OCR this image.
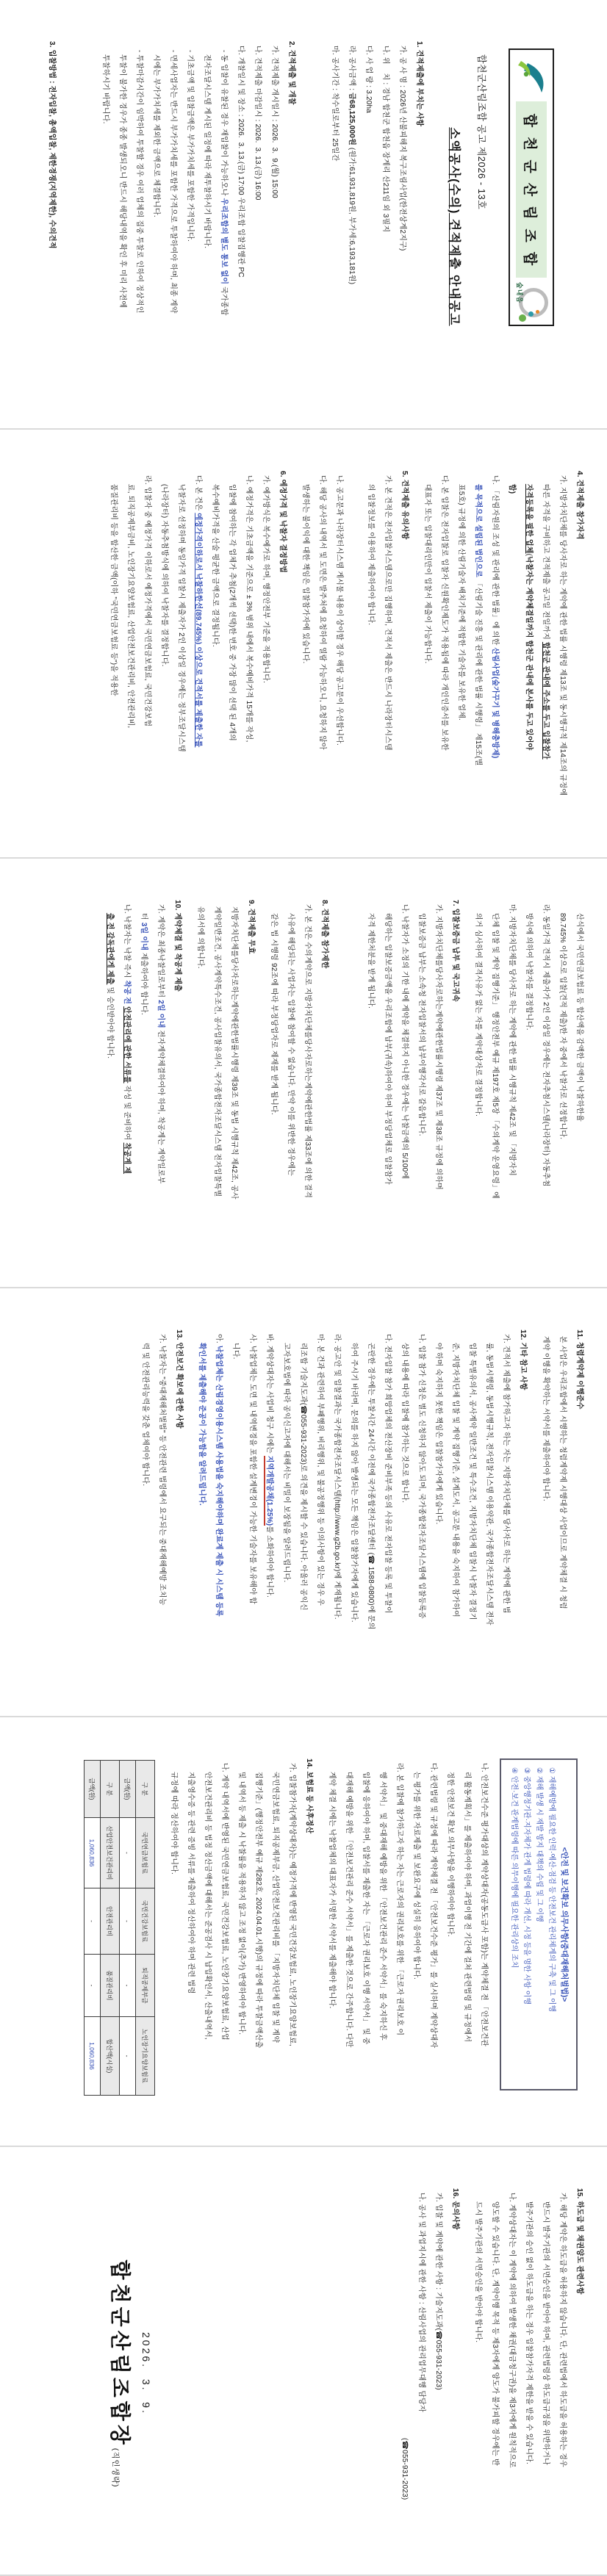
합천군산림조합
숲내음
합천군산림조합 공고 제2026 - 13호
소액공사(수의) 견적제출 안내공고
1. 견적제출에 부치는 사항
가. 공 사 명 : 2026년 산불피해지 복구조림사업(한전상계2지구)
나. 위    치 : 경남 합천군 합천읍 장계리 산211임 외 3필지
다. 사 업 량 : 3.20ha
라. 공사금액 : 금68,125,000원 (원가:61,931,819원, 부가세:6,193,181원)
마. 공사기간 : 착수일로부터 25일간
2. 견적제출 및 개찰
가. 견적제출 개시일시 : 2026.  3.  9.(월) 15:00
나. 견적제출 마감일시 : 2026.  3. 13.(금) 16:00
다. 개찰일시 및 장소 : 2026.  3. 13.(금) 17:00 우리조합 입찰집행관 PC
- 동 입찰이 유찰된 경우 재입찰이 가능하오나 우리조합의 별도 통보 없이 국가종합
전자조달시스템 게시된 일정에 따라 재투찰하시기 바랍니다.
- 기초금액 및 입찰금액은 부가가치세를 포함한 가격입니다.
- 면세사업자는 반드시 부가가치세를 포함한 가격으로 투찰하여야 하며, 최종 계약
시에는 부가가치세를 제외한 금액으로 체결합니다.
- 투찰마감시간이 임박하여 투찰할 경우 여러 업체의 집중 투찰로 인하여 정상적인
투찰이 불가한 경우가 종종 발생되오니 반드시 해당내역을 확인 후 미리 사전에
투찰하시기 바랍니다.
3. 입찰방법 : 전자입찰, 총액입찰, 제한경쟁(지역제한), 수의견적
4. 견적제출 참가자격
가. 지방자치단체를 당사자로 하는 계약에 관한 법률 시행령 제13조 및 동시행규칙 제14조의 규정에
따른 자격을 구비하고 견적제출 공고일 전일까지 합천군 관내에 주소를 두고 입찰참가
자격등록을 필한 업체(낙찰자는 계약체결일까지 합천군 관내에 본사를 두고 있어야
함)
나. 「산림자원의 조성 및 관리에 관한 법률」에 의한 산림사업(숲가꾸기 및 병해충방제)
를 목적으로 설립된 법인으로 「산림기술 진흥 및 관리에 관한 법률 시행령」 제15조(별
표5호) 규정에 의한 산림기술자 배치기준에 적합한 기술자를 보유한 업체.
다. 본 입찰은 전자입찰로 입찰자 신원확인제도가 적용됨에 따라 개인인증서를 보유한
대표자 또는 입찰대리인만이 입찰서 제출이 가능합니다.
5. 견적제출 유의사항
가. 본 견적은 전자입찰시스템으로만 집행하며, 견적서 제출은 반드시 나라장터시스템
의 입찰정보를 이용하여 제출하여야 합니다.
나. 공고문과 나라장터시스템 게시물 내용이 상이할 경우 해당 공고문이 우선합니다.
다. 해당 공사의 내역서 및 도면은 발주처에 요청하여 열람 가능하오니, 요청하지 않아
발생하는 불이익에 대한 책임은 입찰참가자에 있습니다.
6. 예정가격 및 낙찰자 결정방법
가. 예가방식은 복수예가로 하며, 행정안전부 기준을 적용합니다.
나. 예정가격은 기초금액을 기준으로 ± 3% 범위 내에서 복수예비가격 15개를 작성,
입찰에 참여하는 각 업체가 추첨(2개씩 선택)한 번호 중 가장 많이 선택 된 4개의
복수예비가격을 산술 평균한 금액으로 결정됩니다.
다. 본 건은 예정가격이하로서 낙찰하한선(89.745%) 이상으로 견적서를 제출한 자를
낙찰자로 선정하며 동일가격 입찰시 제출자가 2인 이상일 경우에는 정부조달시스템
(나라장터) 자동추첨방식에 의하여 낙찰자를 결정합니다.
라. 입찰자 중 예정가격 이하로서 예정가격에서 국민연금보험료, 국민건강보험
료, 퇴직공제부금비, 노인장기요양보험료, 산업안전보건관리비, 안전관리비,
품질관리비 등을 합산한 금액(이하 "국민연금보험료 등")을 적용한
산식에서 국민연금보험료 등 합산액을 감액한 금액이 낙찰하한율
89.745% 이상으로 입찰(견적 제출)한 자 중에서 낙찰자로 선정합니다.
라. 동일가격 견적시 제출자가 2인 이상일 경우에는 전자추첨시스템(나라장터) 자동추첨
방식에 의하여 낙찰자를 결정합니다.
마. 지방자치단체를 당사자로 하는 계약에 관한 법률 시행규칙 제42조 및 「지방자치
단체 입찰 및 계약 집행기준」 행정안전부 예규 제197호 제5장 「수의계약 운영요령」에
의거 심사하여 결격사유가 없는 자를 계약대상자로 결정합니다.
7. 입찰보증금 납부 및 국고귀속
가. 지방자치단체를당사자로하는계약에관한법률시행령 제37조 및 제38조 규정에 의하며
입찰보증금 납부는 소속청 전자입찰서의 납부이행각서로 갈음합니다.
나. 낙찰자가 소정의 기한 내에 계약을 체결하지 아니한 경우에는 낙찰금액의 5/100에
해당하는 입찰보증금액을 우리조합에 납부(귀속)하여야 하며 부정당업체로 입찰참가
자격 제한처분을 받게 됩니다.
8. 견적제출 참가제한
가. 본 건은 수의계약으로 지방자치단체를당사자로하는계약에관한법률 제33조에 의한 결격
사유에 해당되는 사업자는 입찰에 참여할 수 없습니다. 만약 이를 위반한 경우에는
같은 법 시행령 92조에 따라 부정당업자로 제재를 받게 됩니다.
9. 견적제출 무효
지방자치단체를당사자로하는계약에관한법률시행령 제39조 및 동법 시행규칙 제42조, 공사
계약일반조건, 공사계약특수조건, 공사입찰유의서, 국가종합전자조달시스템 전자입찰특별
유의서에 의합니다.
10. 계약체결 및 착공계 제출
가. 계약은 최종낙찰일로부터 2일 이내 전자계약체결하여야 하며, 착공계는 계약일로부
터 3일 이내 제출하여야 합니다.
나. 낙찰자는 낙찰 즉시 착공 전 안전관리에 관한 서류를 작성 및 준비하여 착공계 제
출 전 감독관에게 제출 및 승인받아야 합니다.
11. 청렴계약제 이행준수
본 사업은 우리조합에서 시행하는 청렴계약제 시행대상 사업이므로 계약체결 시 청렴
계약 이행을 확약하는 서약서를 제출하여야 합니다.
12. 기타 참고 사항
가. 견적서 제출에 참가하고자 하는 자는 지방자치단체를 당사자로 하는 계약에 관한 법
률, 동법시행령, 동법시행규칙, 전자입찰시스템 이용약관, 국가종합전자조달시스템 전자
입찰 특별유의서, 공사계약 일반조건 및 특수조건, 지방자치단체 입찰시 낙찰자 결정기
준, 지방자치단체 입찰 및 계약 집행기준, 설계도서, 공고문 내용을 숙지하여 참가하여
야 하며 숙지하지 못한 책임은 입찰참가자에게 있습니다.
나. 입찰 참가 신청은 별도 신청하지 않아도 되며, 국가종합전자조달시스템에 입찰등록증
상의 내용에 따라 입찰에 참가하는 것으로 합니다.
다. 전자입찰 참가 희망업체의 전산장비 준비부족 등의 사유로 전자입찰 등록 및 투찰이
곤란한 경우에는 투찰시간 24시간 이전에 국가종합전자조달센터 (☎ 1588-0800)에 문의
하여 주시기 바라며, 문의를 하지 않아 발생되는 모든 책임은 입찰참가자에게 있습니다.
라. 공고안 및 입찰결과는 국가종합전자조달시스템(http://www.g2b.go.kr)에 게재됩니다.
마. 본 건과 관련하여 부패행위, 비리행위, 및 불공정행위 등 이의사항이 있는 경우 우
리조합 기술지도과(☎055-931-2023)로 의견을 제시할 수 있습니다. 아울러 공익신
고자보호법에 따라 공익신고자에 대해서는 비밀이 보장됨을 알려드립니다.
바. 계약상대자는 사업비 청구 시에는 지역개발공채(1.25%)를 소화하여야 합니다.
사. 낙찰업체는 도면 및 내역변경을 포함한 설계변경이 가능한 기술자를 보유해야 합
니다.
아. 낙찰업체는 산림경영이용시스템 사용법을 숙지해야하며 완료계 제출 시 시스템 등록
확인서를 제출해야 준공이 가능함을 알려드립니다.
13. 안전보건 확보에 관한 사항
가. 낙찰자는 "중대재해처벌법" 등 안전관련 법령에서 요구되는 중대재해예방 조치능
력 및 안전관리능력을 갖춘 업체여야 합니다.
<안전 및 보건확보 의무사항(중대재해처벌법)>
① 재해예방에 필요한 인력·예산·점검 등 안전보건 관리체계의 구축 및 그 이행
② 재해 발생 시 재발 방지 대책의 수립 및 그 이행
③ 중앙행정기관·지자체가 관계 법령에 따라 개선, 시정 등을 명한 사항 이행
④ 안전·보건 관계법령에 따른 의무이행에 필요한 관리상의 조치
나. 안전보건수준 평가대상의 계약상대자(공동도급사 포함)는 계약체결 전 「안전보건관
리 활동계획서」를 제출하여야 하며, 과업이행 전 기간에 걸쳐 관련법령 및 규정에서
정한 안전보건 확보 의무사항을 이행하여야 합니다.
다. 관련법령 및 규정에 따라 계약체결 전 「안전보건수준 평가」를 실시하며 계약상대자
는 평가를 위한 자료제출 및 보완요구에 성실히 응하여야 합니다.
라. 본 입찰에 참가하고자 하는 자는 근로자의 권리보호를 위한 「근로자 권리보호 이
행 서약서」 및 중대재해 예방을 위한 「안전보건관리 준수 서약서」를 숙지하신 후
입찰에 응하여야 하며, 입찰서를 제출한 자는 「근로자 권리보호 이행 서약서」 및 중
대재해 예방을 위한 「안전보건관리 준수 서약서」를 제출한 것으로 간주합니다. 다만
계약 체결 시에는 낙찰업체의 대표자가 서명한 서약서를 제출해야 합니다.
14. 보험료 등 사후정산
가. 입찰참가자(계약상대자)는 예정가격에 반영된 국민건강보험료, 노인장기요양보험료,
국민연금보험료, 퇴직공제부금, 산업안전보건관리비를 「지방자치단체 입찰 및 계약
집행기준」(행정안전부 예규 제282호, 2024.04.01.시행)의 규정에 따라 투찰금액산출
및 내역서 등 제출 시 낙찰률을 적용하지 않고 조정 없이(추가) 반영하여야 합니다.
나. 계약 내역서에 반영된 국민연금보험료, 국민건강보험료, 노인장기요양보험료, 산업
안전보건관리비 등 법정 정산금액에 대해서는 준공검사 시 납입확인서, 산출내역서,
지출영수증 등 관련 증빙 서류를 제출하여 정산하여야 하며 관련 법령
규정에 따라 정산하여야 합니다.
구 분	국민연금보험료	국민건강보험료	퇴직공제부금	노인장기요양보험료
금액(원)	-	-	-	-
구 분	산업안전보건관리비	안전관리비	품질관리비	합산액(시설)
금액(원)	1,060,836	-	-	1,060,836
15. 하도급 및 채권양도 관련사항
가. 해당 계약은 하도급을 허용하지 않습니다. 단, 관련법에서 하도급을 허용하는 경우
반드시 발주기관의 서면승인을 받아야 하며, 관련법령상 하도급규정을 위반하거나
발주기관의 승인 없이 하도급을 하는 경우 입찰참가자격 제한을 받을 수 있습니다.
나. 계약상대자는 이 계약에 의하여 발생한 채권(대금청구권)을 제3자에게 원칙적으로
양도할 수 있습니다. 단, 계약이행 목적 등 제3자에게 양도가 불가피할 경우에는 반
드시 발주기관의 서면승인을 받아야 합니다.
16. 문의사항
가. 입찰 및 계약에 관한 사항 : 기술지도과(☎055-931-2023)
나. 공사 및 과업지시에 관한 사항 : 산림사업의 관리업무대행 담당자
(☎055-931-2023)
2026.  3.  9.
합천군산림조합장(직인생략)
